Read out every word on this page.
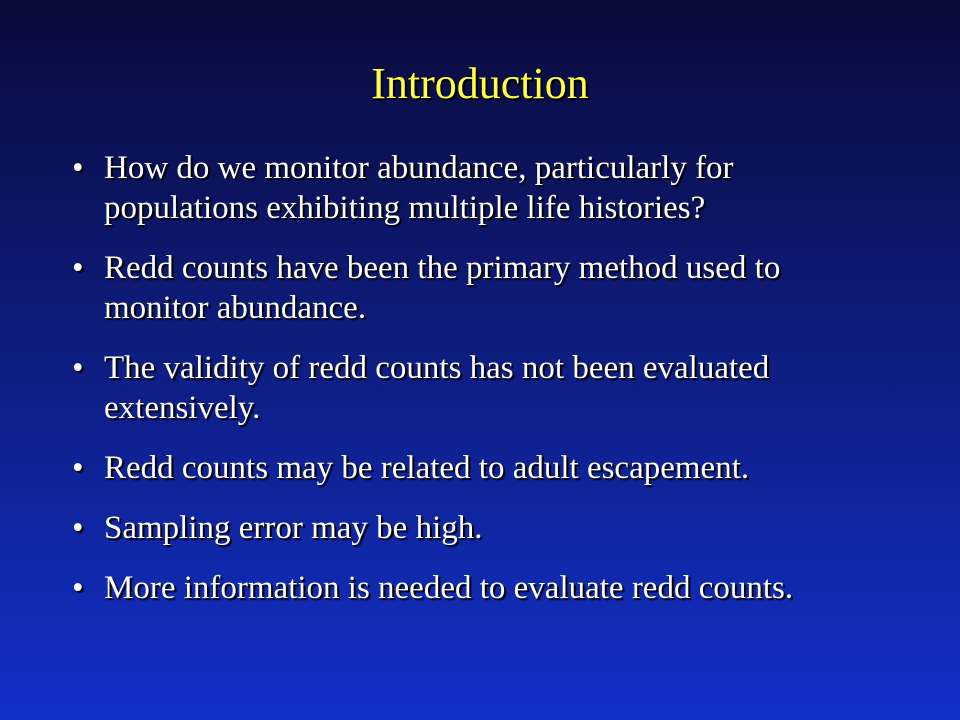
Introduction
• How do we monitor abundance, particularly for populations exhibiting multiple life histories?
• Redd counts have been the primary method used to monitor abundance.
• The validity of redd counts has not been evaluated extensively.
• Redd counts may be related to adult escapement.
• Sampling error may be high.
• More information is needed to evaluate redd counts.
